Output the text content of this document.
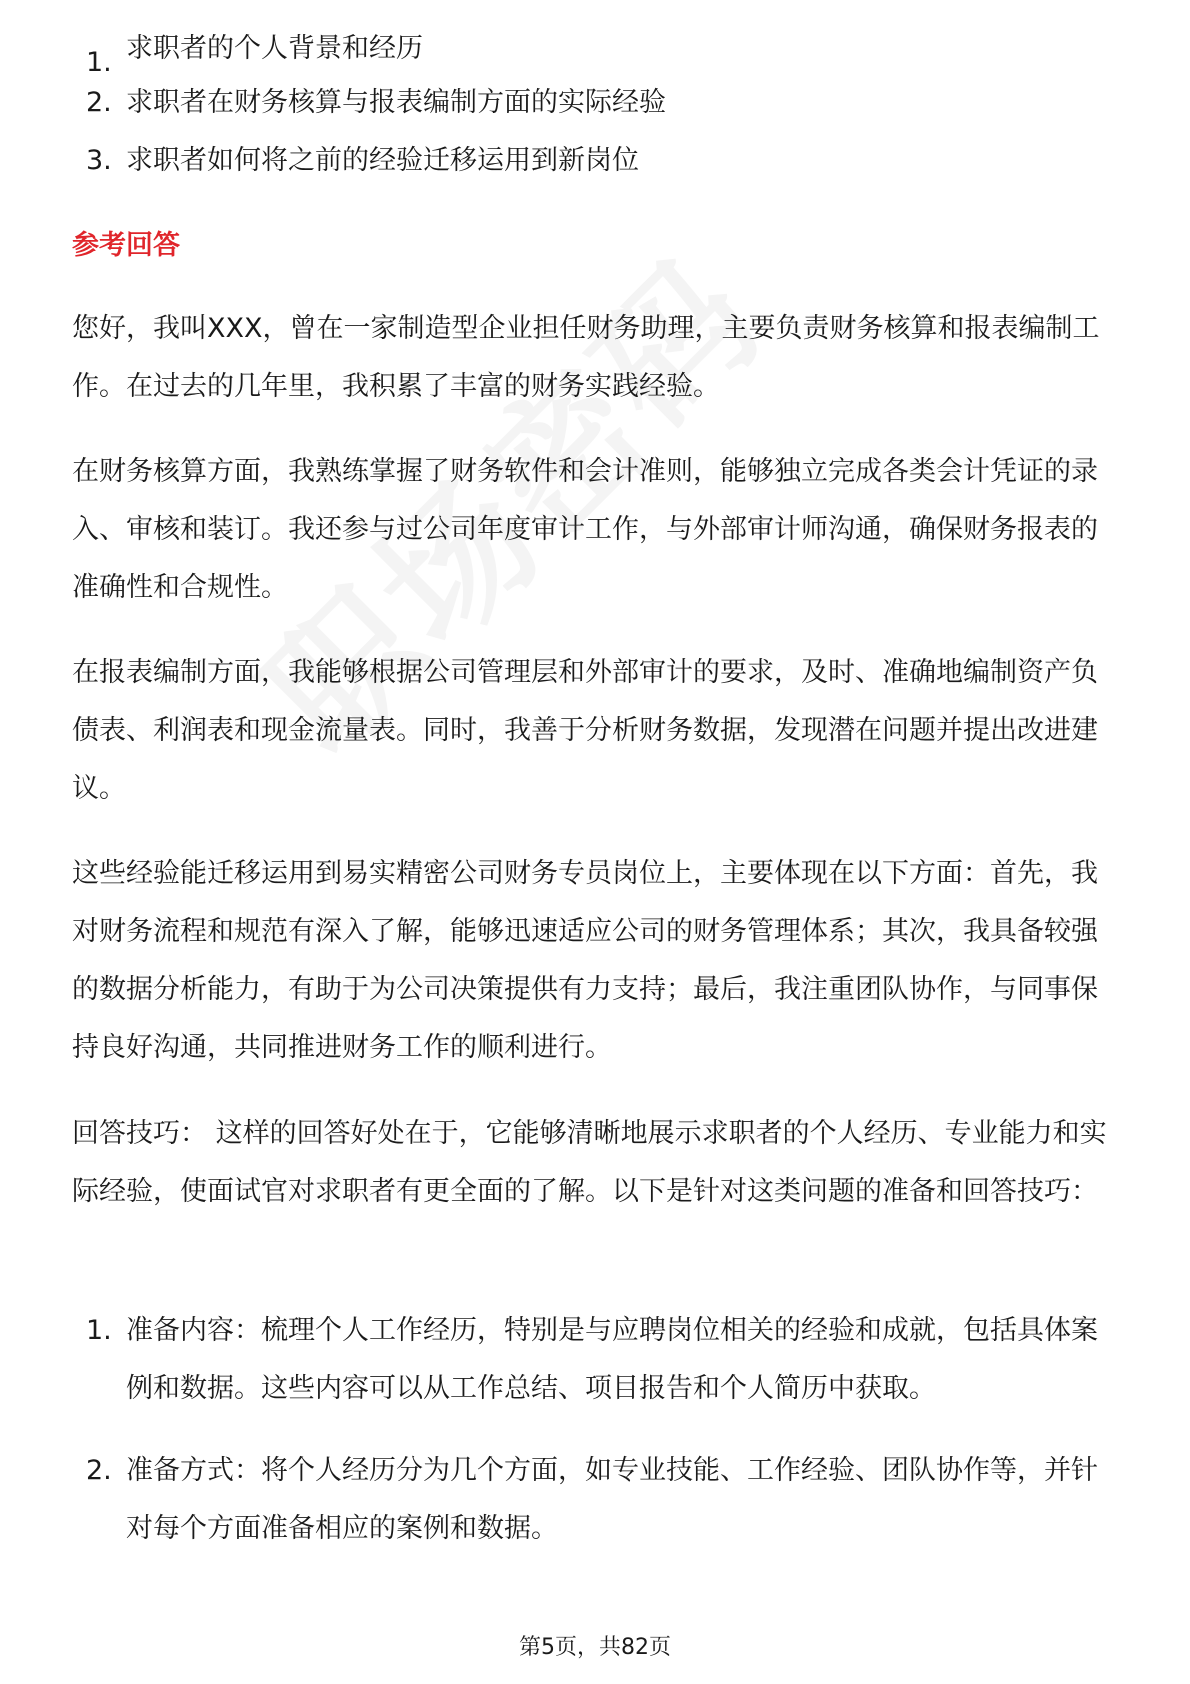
1. 求职者的个人背景和经历
2. 求职者在财务核算与报表编制方面的实际经验
3. 求职者如何将之前的经验迁移运用到新岗位
参考回答

您好，我叫XXX，曾在一家制造型企业担任财务助理，主要负责财务核算和报表编制工作。在过去的几年里，我积累了丰富的财务实践经验。

在财务核算方面，我熟练掌握了财务软件和会计准则，能够独立完成各类会计凭证的录入、审核和装订。我还参与过公司年度审计工作，与外部审计师沟通，确保财务报表的准确性和合规性。

在报表编制方面，我能够根据公司管理层和外部审计的要求，及时、准确地编制资产负债表、利润表和现金流量表。同时，我善于分析财务数据，发现潜在问题并提出改进建议。

这些经验能迁移运用到易实精密公司财务专员岗位上，主要体现在以下方面：首先，我对财务流程和规范有深入了解，能够迅速适应公司的财务管理体系；其次，我具备较强的数据分析能力，有助于为公司决策提供有力支持；最后，我注重团队协作，与同事保持良好沟通，共同推进财务工作的顺利进行。

回答技巧： 这样的回答好处在于，它能够清晰地展示求职者的个人经历、专业能力和实际经验，使面试官对求职者有更全面的了解。以下是针对这类问题的准备和回答技巧：

1. 准备内容：梳理个人工作经历，特别是与应聘岗位相关的经验和成就，包括具体案例和数据。这些内容可以从工作总结、项目报告和个人简历中获取。
2. 准备方式：将个人经历分为几个方面，如专业技能、工作经验、团队协作等，并针对每个方面准备相应的案例和数据。
第5页，共82页
